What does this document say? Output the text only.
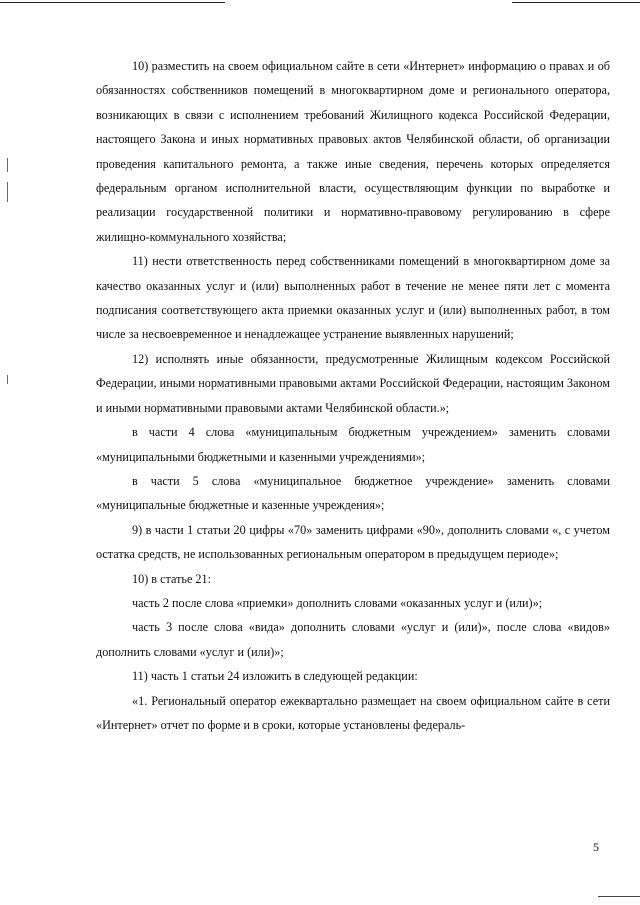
10) разместить на своем официальном сайте в сети «Интернет» информацию о правах и об обязанностях собственников помещений в многоквартирном доме и регионального оператора, возникающих в связи с исполнением требований Жилищного кодекса Российской Федерации, настоящего Закона и иных нормативных правовых актов Челябинской области, об организации проведения капитального ремонта, а также иные сведения, перечень которых определяется федеральным органом исполнительной власти, осуществляющим функции по выработке и реализации государственной политики и нормативно-правовому регулированию в сфере жилищно-коммунального хозяйства;

11) нести ответственность перед собственниками помещений в многоквартирном доме за качество оказанных услуг и (или) выполненных работ в течение не менее пяти лет с момента подписания соответствующего акта приемки оказанных услуг и (или) выполненных работ, в том числе за несвоевременное и ненадлежащее устранение выявленных нарушений;

12) исполнять иные обязанности, предусмотренные Жилищным кодексом Российской Федерации, иными нормативными правовыми актами Российской Федерации, настоящим Законом и иными нормативными правовыми актами Челябинской области.»;

в части 4 слова «муниципальным бюджетным учреждением» заменить словами «муниципальными бюджетными и казенными учреждениями»;

в части 5 слова «муниципальное бюджетное учреждение» заменить словами «муниципальные бюджетные и казенные учреждения»;

9) в части 1 статьи 20 цифры «70» заменить цифрами «90», дополнить словами «, с учетом остатка средств, не использованных региональным оператором в предыдущем периоде»;

10) в статье 21:

часть 2 после слова «приемки» дополнить словами «оказанных услуг и (или)»;

часть 3 после слова «вида» дополнить словами «услуг и (или)», после слова «видов» дополнить словами «услуг и (или)»;

11) часть 1 статьи 24 изложить в следующей редакции:

«1. Региональный оператор ежеквартально размещает на своем официальном сайте в сети «Интернет» отчет по форме и в сроки, которые установлены федераль-

5
